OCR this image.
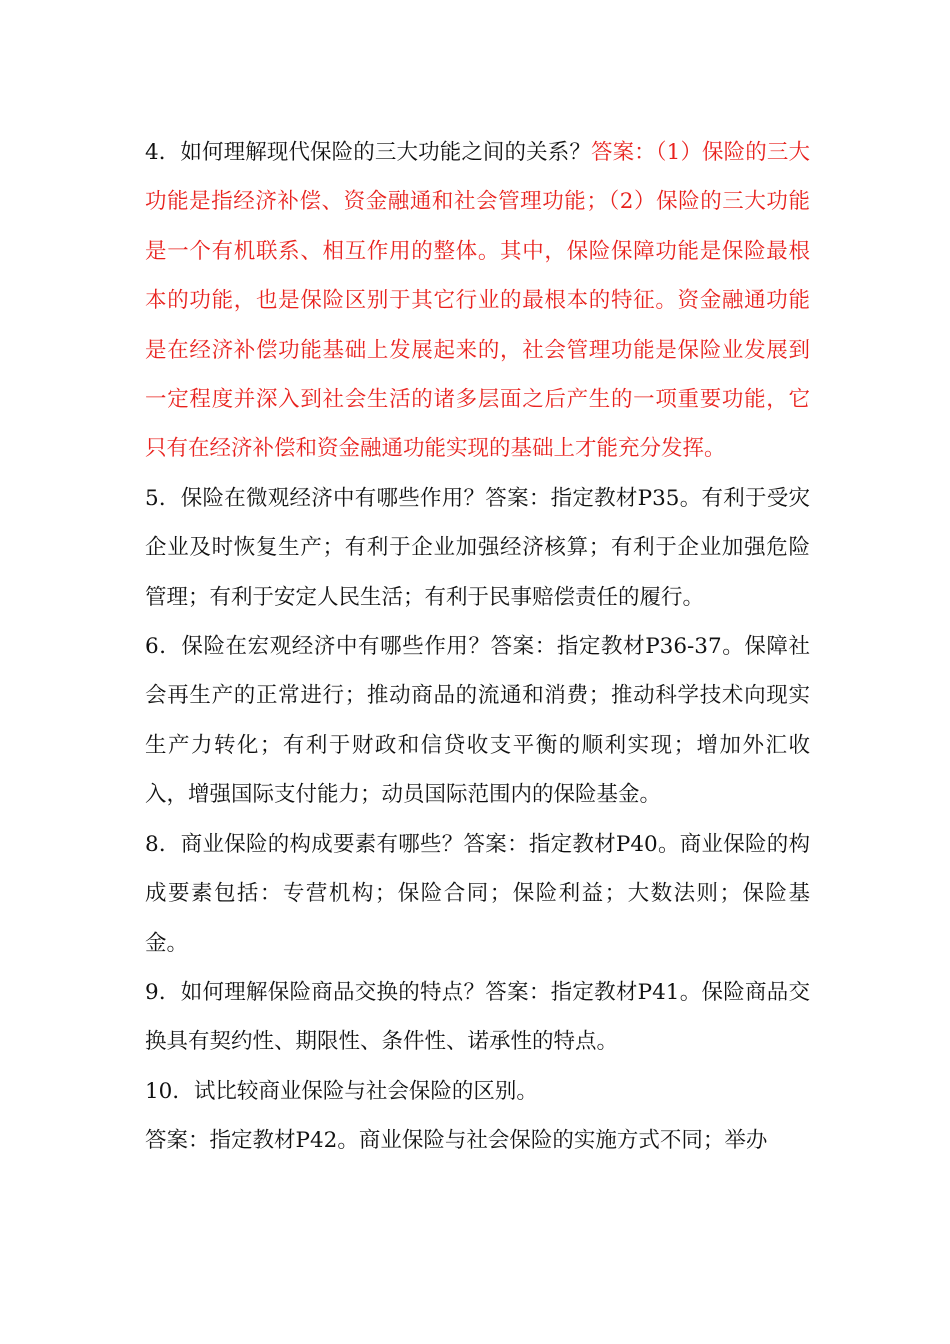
4．如何理解现代保险的三大功能之间的关系？答案：（1）保险的三大功能是指经济补偿、资金融通和社会管理功能；（2）保险的三大功能是一个有机联系、相互作用的整体。其中，保险保障功能是保险最根本的功能，也是保险区别于其它行业的最根本的特征。资金融通功能是在经济补偿功能基础上发展起来的，社会管理功能是保险业发展到一定程度并深入到社会生活的诸多层面之后产生的一项重要功能，它只有在经济补偿和资金融通功能实现的基础上才能充分发挥。

5．保险在微观经济中有哪些作用？答案：指定教材P35。有利于受灾企业及时恢复生产；有利于企业加强经济核算；有利于企业加强危险管理；有利于安定人民生活；有利于民事赔偿责任的履行。

6．保险在宏观经济中有哪些作用？答案：指定教材P36-37。保障社会再生产的正常进行；推动商品的流通和消费；推动科学技术向现实生产力转化；有利于财政和信贷收支平衡的顺利实现；增加外汇收入，增强国际支付能力；动员国际范围内的保险基金。

8．商业保险的构成要素有哪些？答案：指定教材P40。商业保险的构成要素包括：专营机构；保险合同；保险利益；大数法则；保险基金。

9．如何理解保险商品交换的特点？答案：指定教材P41。保险商品交换具有契约性、期限性、条件性、诺承性的特点。

10．试比较商业保险与社会保险的区别。

答案：指定教材P42。商业保险与社会保险的实施方式不同；举办
